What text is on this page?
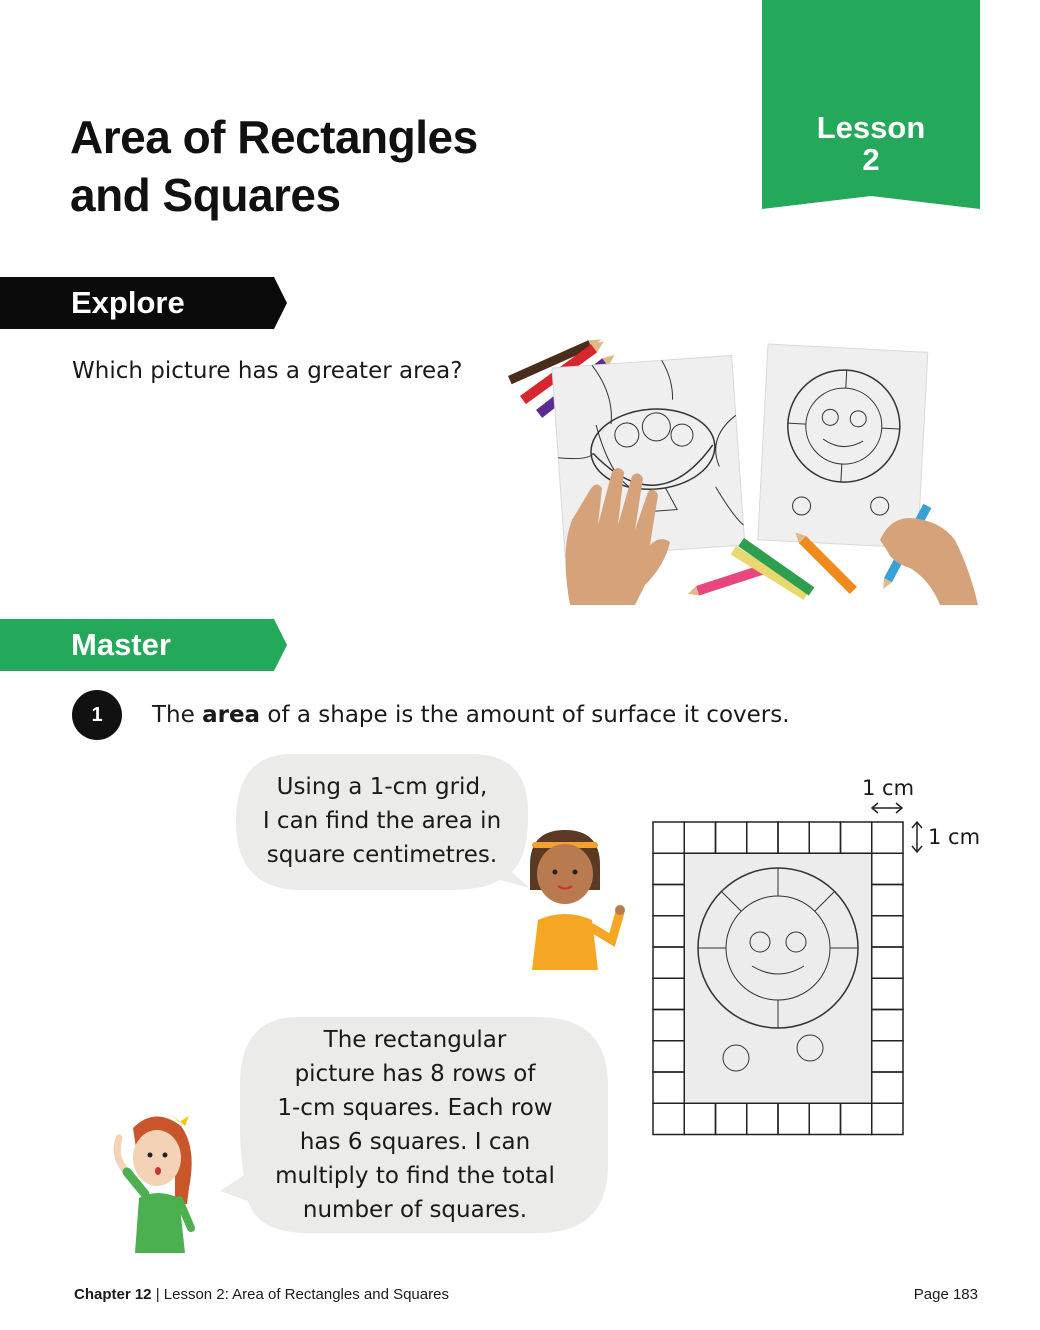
Lesson
2
Area of Rectangles
and Squares
Explore
Which picture has a greater area?
Master
1	The area of a shape is the amount of surface it covers.
Using a 1-cm grid,
I can find the area in
square centimetres.
The rectangular
picture has 8 rows of
1-cm squares. Each row
has 6 squares. I can
multiply to find the total
number of squares.
1 cm
1 cm
Chapter 12 | Lesson 2: Area of Rectangles and Squares	Page 183
